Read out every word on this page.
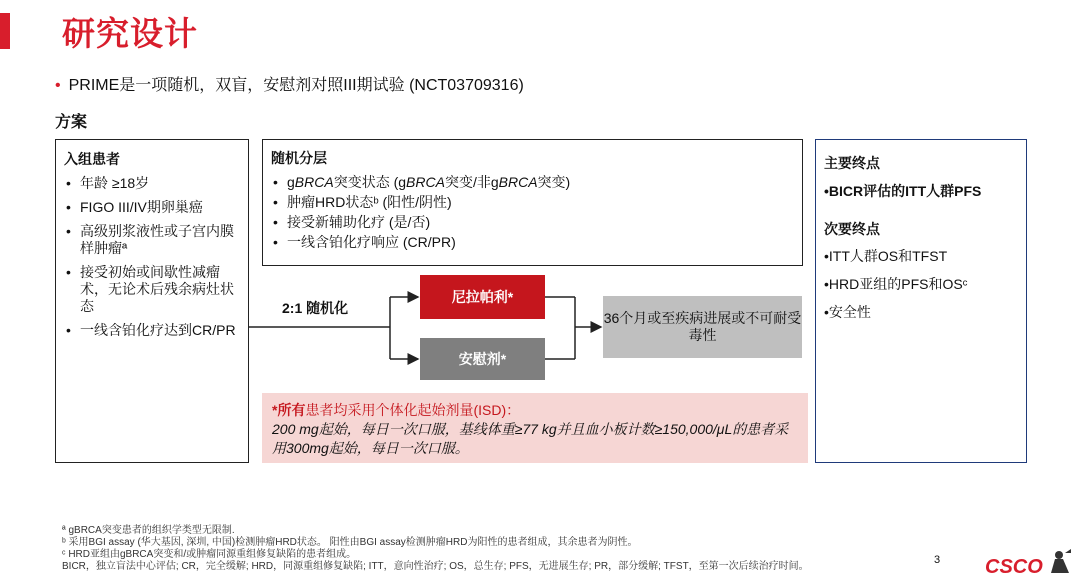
研究设计
• PRIME是一项随机，双盲，安慰剂对照III期试验 (NCT03709316)
方案
入组患者
• 年龄 ≥18岁
• FIGO III/IV期卵巢癌
• 高级别浆液性或子宫内膜样肿瘤ª
• 接受初始或间歇性减瘤术，无论术后残余病灶状态
• 一线含铂化疗达到CR/PR
随机分层
• gBRCA突变状态 (gBRCA突变/非gBRCA突变)
• 肿瘤HRD状态ᵇ (阳性/阴性)
• 接受新辅助化疗 (是/否)
• 一线含铂化疗响应 (CR/PR)
2:1 随机化
尼拉帕利*
安慰剂*
36个月或至疾病进展或不可耐受毒性
*所有患者均采用个体化起始剂量(ISD)：
200 mg起始，每日一次口服，基线体重≥77 kg并且血小板计数≥150,000/μL的患者采用300mg起始，每日一次口服。
主要终点
•BICR评估的ITT人群PFS
次要终点
•ITT人群OS和TFST
•HRD亚组的PFS和OSᶜ
•安全性
ª gBRCA突变患者的组织学类型无限制.
ᵇ 采用BGI assay (华大基因, 深圳, 中国)检测肿瘤HRD状态。 阳性由BGI assay检测肿瘤HRD为阳性的患者组成，其余患者为阴性。
ᶜ HRD亚组由gBRCA突变和/或肿瘤同源重组修复缺陷的患者组成。
BICR，独立盲法中心评估; CR，完全缓解; HRD，同源重组修复缺陷; ITT，意向性治疗; OS，总生存; PFS，无进展生存; PR，部分缓解; TFST，至第一次后续治疗时间。
3 CSCO
